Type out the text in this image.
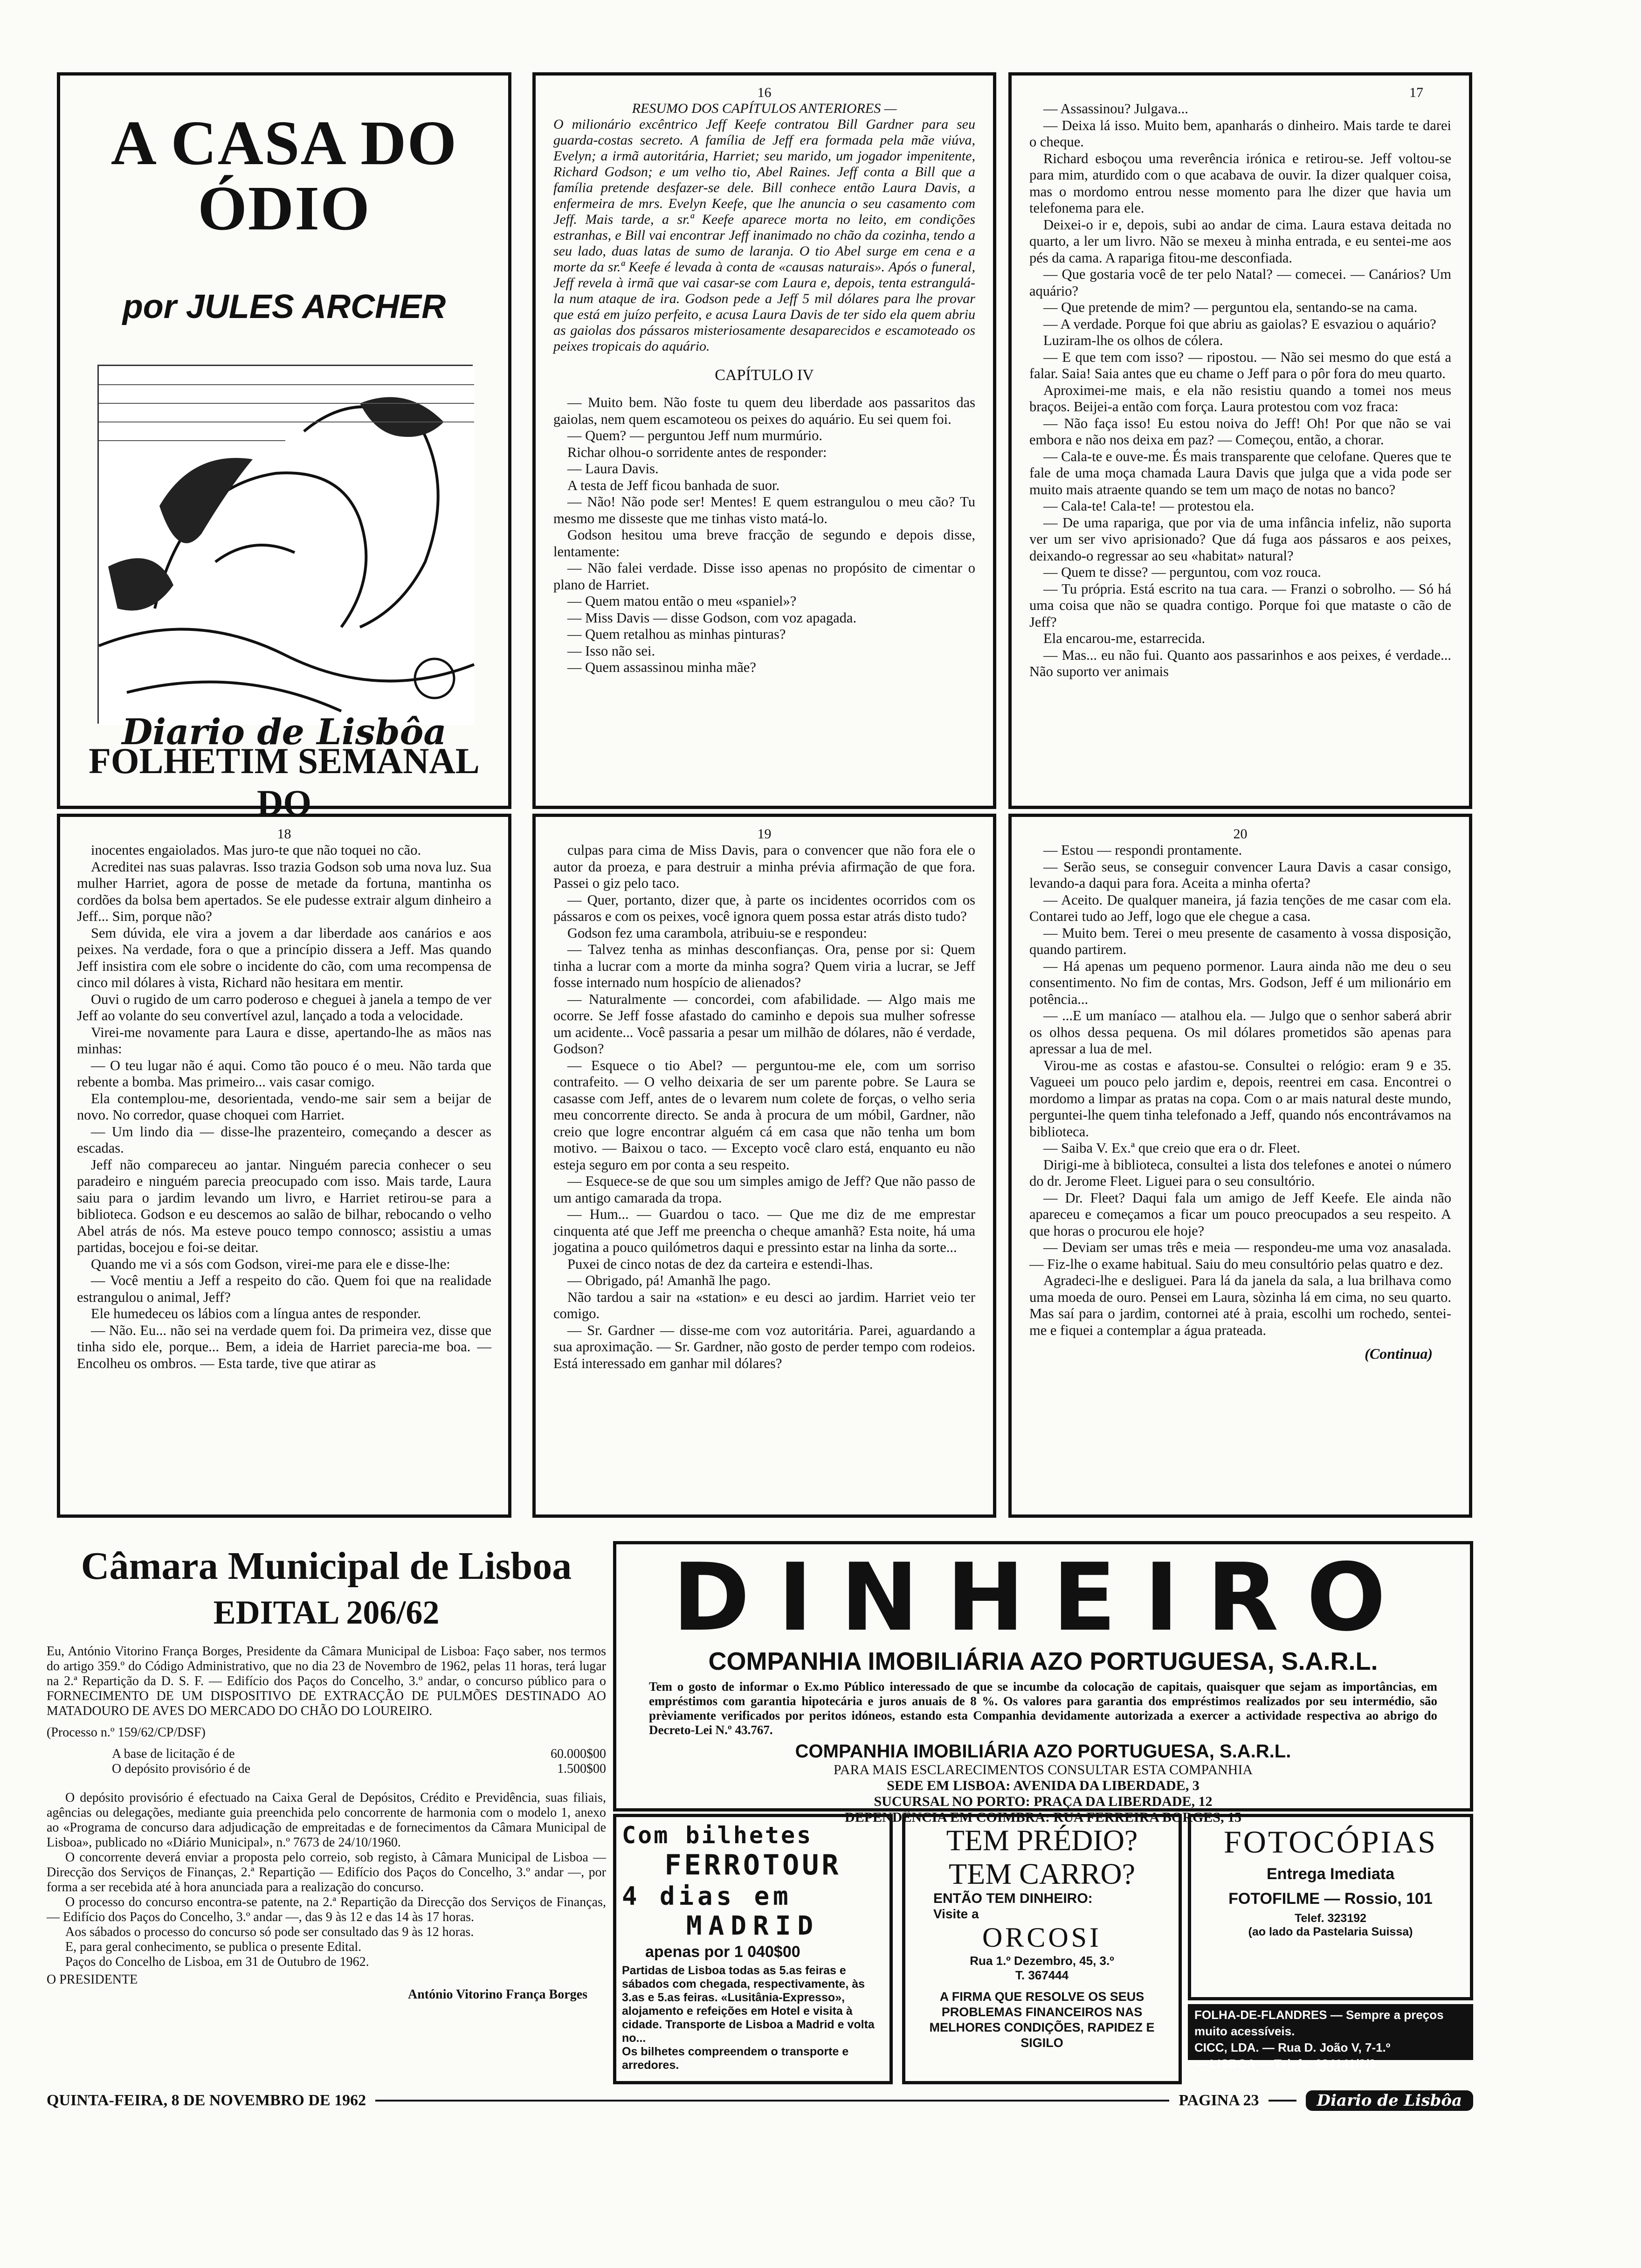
A CASA DO ÓDIO
por JULES ARCHER
FOLHETIM SEMANAL DO
Diario de Lisbôa
16
RESUMO DOS CAPÍTULOS ANTERIORES —
O milionário excêntrico Jeff Keefe contratou Bill Gardner para seu guarda-costas secreto. A família de Jeff era formada pela mãe viúva, Evelyn; a irmã autoritária, Harriet; seu marido, um jogador impenitente, Richard Godson; e um velho tio, Abel Raines. Jeff conta a Bill que a família pretende desfazer-se dele. Bill conhece então Laura Davis, a enfermeira de mrs. Evelyn Keefe, que lhe anuncia o seu casamento com Jeff. Mais tarde, a sr.ª Keefe aparece morta no leito, em condições estranhas, e Bill vai encontrar Jeff inanimado no chão da cozinha, tendo a seu lado, duas latas de sumo de laranja. O tio Abel surge em cena e a morte da sr.ª Keefe é levada à conta de «causas naturais». Após o funeral, Jeff revela à irmã que vai casar-se com Laura e, depois, tenta estrangulá-la num ataque de ira. Godson pede a Jeff 5 mil dólares para lhe provar que está em juízo perfeito, e acusa Laura Davis de ter sido ela quem abriu as gaiolas dos pássaros misteriosamente desaparecidos e escamoteado os peixes tropicais do aquário.
CAPÍTULO IV

— Muito bem. Não foste tu quem deu liberdade aos passaritos das gaiolas, nem quem escamoteou os peixes do aquário. Eu sei quem foi.

— Quem? — perguntou Jeff num murmúrio.

Richar olhou-o sorridente antes de responder:

— Laura Davis.

A testa de Jeff ficou banhada de suor.

— Não! Não pode ser! Mentes! E quem estrangulou o meu cão? Tu mesmo me disseste que me tinhas visto matá-lo.

Godson hesitou uma breve fracção de segundo e depois disse, lentamente:

— Não falei verdade. Disse isso apenas no propósito de cimentar o plano de Harriet.

— Quem matou então o meu «spaniel»?

— Miss Davis — disse Godson, com voz apagada.

— Quem retalhou as minhas pinturas?

— Isso não sei.

— Quem assassinou minha mãe?

17

— Assassinou? Julgava...

— Deixa lá isso. Muito bem, apanharás o dinheiro. Mais tarde te darei o cheque.

Richard esboçou uma reverência irónica e retirou-se. Jeff voltou-se para mim, aturdido com o que acabava de ouvir. Ia dizer qualquer coisa, mas o mordomo entrou nesse momento para lhe dizer que havia um telefonema para ele.

Deixei-o ir e, depois, subi ao andar de cima. Laura estava deitada no quarto, a ler um livro. Não se mexeu à minha entrada, e eu sentei-me aos pés da cama. A rapariga fitou-me desconfiada.

— Que gostaria você de ter pelo Natal? — comecei. — Canários? Um aquário?

— Que pretende de mim? — perguntou ela, sentando-se na cama.

— A verdade. Porque foi que abriu as gaiolas? E esvaziou o aquário?

Luziram-lhe os olhos de cólera.

— E que tem com isso? — ripostou. — Não sei mesmo do que está a falar. Saia! Saia antes que eu chame o Jeff para o pôr fora do meu quarto.

Aproximei-me mais, e ela não resistiu quando a tomei nos meus braços. Beijei-a então com força. Laura protestou com voz fraca:

— Não faça isso! Eu estou noiva do Jeff! Oh! Por que não se vai embora e não nos deixa em paz? — Começou, então, a chorar.

— Cala-te e ouve-me. És mais transparente que celofane. Queres que te fale de uma moça chamada Laura Davis que julga que a vida pode ser muito mais atraente quando se tem um maço de notas no banco?

— Cala-te! Cala-te! — protestou ela.

— De uma rapariga, que por via de uma infância infeliz, não suporta ver um ser vivo aprisionado? Que dá fuga aos pássaros e aos peixes, deixando-o regressar ao seu «habitat» natural?

— Quem te disse? — perguntou, com voz rouca.

— Tu própria. Está escrito na tua cara. — Franzi o sobrolho. — Só há uma coisa que não se quadra contigo. Porque foi que mataste o cão de Jeff?

Ela encarou-me, estarrecida.

— Mas... eu não fui. Quanto aos passarinhos e aos peixes, é verdade... Não suporto ver animais

18

inocentes engaiolados. Mas juro-te que não toquei no cão.

Acreditei nas suas palavras. Isso trazia Godson sob uma nova luz. Sua mulher Harriet, agora de posse de metade da fortuna, mantinha os cordões da bolsa bem apertados. Se ele pudesse extrair algum dinheiro a Jeff... Sim, porque não?

Sem dúvida, ele vira a jovem a dar liberdade aos canários e aos peixes. Na verdade, fora o que a princípio dissera a Jeff. Mas quando Jeff insistira com ele sobre o incidente do cão, com uma recompensa de cinco mil dólares à vista, Richard não hesitara em mentir.

Ouvi o rugido de um carro poderoso e cheguei à janela a tempo de ver Jeff ao volante do seu convertível azul, lançado a toda a velocidade.

Virei-me novamente para Laura e disse, apertando-lhe as mãos nas minhas:

— O teu lugar não é aqui. Como tão pouco é o meu. Não tarda que rebente a bomba. Mas primeiro... vais casar comigo.

Ela contemplou-me, desorientada, vendo-me sair sem a beijar de novo. No corredor, quase choquei com Harriet.

— Um lindo dia — disse-lhe prazenteiro, começando a descer as escadas.

Jeff não compareceu ao jantar. Ninguém parecia conhecer o seu paradeiro e ninguém parecia preocupado com isso. Mais tarde, Laura saiu para o jardim levando um livro, e Harriet retirou-se para a biblioteca. Godson e eu descemos ao salão de bilhar, rebocando o velho Abel atrás de nós. Ma esteve pouco tempo connosco; assistiu a umas partidas, bocejou e foi-se deitar.

Quando me vi a sós com Godson, virei-me para ele e disse-lhe:

— Você mentiu a Jeff a respeito do cão. Quem foi que na realidade estrangulou o animal, Jeff?

Ele humedeceu os lábios com a língua antes de responder.

— Não. Eu... não sei na verdade quem foi. Da primeira vez, disse que tinha sido ele, porque... Bem, a ideia de Harriet parecia-me boa. — Encolheu os ombros. — Esta tarde, tive que atirar as

19

culpas para cima de Miss Davis, para o convencer que não fora ele o autor da proeza, e para destruir a minha prévia afirmação de que fora. Passei o giz pelo taco.

— Quer, portanto, dizer que, à parte os incidentes ocorridos com os pássaros e com os peixes, você ignora quem possa estar atrás disto tudo?

Godson fez uma carambola, atribuiu-se e respondeu:

— Talvez tenha as minhas desconfianças. Ora, pense por si: Quem tinha a lucrar com a morte da minha sogra? Quem viria a lucrar, se Jeff fosse internado num hospício de alienados?

— Naturalmente — concordei, com afabilidade. — Algo mais me ocorre. Se Jeff fosse afastado do caminho e depois sua mulher sofresse um acidente... Você passaria a pesar um milhão de dólares, não é verdade, Godson?

— Esquece o tio Abel? — perguntou-me ele, com um sorriso contrafeito. — O velho deixaria de ser um parente pobre. Se Laura se casasse com Jeff, antes de o levarem num colete de forças, o velho seria meu concorrente directo. Se anda à procura de um móbil, Gardner, não creio que logre encontrar alguém cá em casa que não tenha um bom motivo. — Baixou o taco. — Excepto você claro está, enquanto eu não esteja seguro em por conta a seu respeito.

— Esquece-se de que sou um simples amigo de Jeff? Que não passo de um antigo camarada da tropa.

— Hum... — Guardou o taco. — Que me diz de me emprestar cinquenta até que Jeff me preencha o cheque amanhã? Esta noite, há uma jogatina a pouco quilómetros daqui e pressinto estar na linha da sorte...

Puxei de cinco notas de dez da carteira e estendi-lhas.

— Obrigado, pá! Amanhã lhe pago.

Não tardou a sair na «station» e eu desci ao jardim. Harriet veio ter comigo.

— Sr. Gardner — disse-me com voz autoritária. Parei, aguardando a sua aproximação. — Sr. Gardner, não gosto de perder tempo com rodeios. Está interessado em ganhar mil dólares?

20

— Estou — respondi prontamente.

— Serão seus, se conseguir convencer Laura Davis a casar consigo, levando-a daqui para fora. Aceita a minha oferta?

— Aceito. De qualquer maneira, já fazia tenções de me casar com ela. Contarei tudo ao Jeff, logo que ele chegue a casa.

— Muito bem. Terei o meu presente de casamento à vossa disposição, quando partirem.

— Há apenas um pequeno pormenor. Laura ainda não me deu o seu consentimento. No fim de contas, Mrs. Godson, Jeff é um milionário em potência...

— ...E um maníaco — atalhou ela. — Julgo que o senhor saberá abrir os olhos dessa pequena. Os mil dólares prometidos são apenas para apressar a lua de mel.

Virou-me as costas e afastou-se. Consultei o relógio: eram 9 e 35. Vagueei um pouco pelo jardim e, depois, reentrei em casa. Encontrei o mordomo a limpar as pratas na copa. Com o ar mais natural deste mundo, perguntei-lhe quem tinha telefonado a Jeff, quando nós encontrávamos na biblioteca.

— Saiba V. Ex.ª que creio que era o dr. Fleet.

Dirigi-me à biblioteca, consultei a lista dos telefones e anotei o número do dr. Jerome Fleet. Liguei para o seu consultório.

— Dr. Fleet? Daqui fala um amigo de Jeff Keefe. Ele ainda não apareceu e começamos a ficar um pouco preocupados a seu respeito. A que horas o procurou ele hoje?

— Deviam ser umas três e meia — respondeu-me uma voz anasalada. — Fiz-lhe o exame habitual. Saiu do meu consultório pelas quatro e dez.

Agradeci-lhe e desliguei. Para lá da janela da sala, a lua brilhava como uma moeda de ouro. Pensei em Laura, sòzinha lá em cima, no seu quarto. Mas saí para o jardim, contornei até à praia, escolhi um rochedo, sentei-me e fiquei a contemplar a água prateada.

(Continua)
Câmara Municipal de Lisboa
EDITAL 206/62
Eu, António Vitorino França Borges, Presidente da Câmara Municipal de Lisboa: Faço saber, nos termos do artigo 359.º do Código Administrativo, que no dia 23 de Novembro de 1962, pelas 11 horas, terá lugar na 2.ª Repartição da D. S. F. — Edifício dos Paços do Concelho, 3.º andar, o concurso público para o FORNECIMENTO DE UM DISPOSITIVO DE EXTRACÇÃO DE PULMÕES DESTINADO AO MATADOURO DE AVES DO MERCADO DO CHÃO DO LOUREIRO.
(Processo n.º 159/62/CP/DSF)
A base de licitação é de	60.000$00
O depósito provisório é de	1.500$00
O depósito provisório é efectuado na Caixa Geral de Depósitos, Crédito e Previdência, suas filiais, agências ou delegações, mediante guia preenchida pelo concorrente de harmonia com o modelo 1, anexo ao «Programa de concurso dara adjudicação de empreitadas e de fornecimentos da Câmara Municipal de Lisboa», publicado no «Diário Municipal», n.º 7673 de 24/10/1960.
O concorrente deverá enviar a proposta pelo correio, sob registo, à Câmara Municipal de Lisboa — Direcção dos Serviços de Finanças, 2.ª Repartição — Edifício dos Paços do Concelho, 3.º andar —, por forma a ser recebida até à hora anunciada para a realização do concurso.
O processo do concurso encontra-se patente, na 2.ª Repartição da Direcção dos Serviços de Finanças, — Edifício dos Paços do Concelho, 3.º andar —, das 9 às 12 e das 14 às 17 horas.
Aos sábados o processo do concurso só pode ser consultado das 9 às 12 horas.
E, para geral conhecimento, se publica o presente Edital.
Paços do Concelho de Lisboa, em 31 de Outubro de 1962.
O PRESIDENTE
António Vitorino França Borges
DINHEIRO
COMPANHIA IMOBILIÁRIA AZO PORTUGUESA, S.A.R.L.
Tem o gosto de informar o Ex.mo Público interessado de que se incumbe da colocação de capitais, quaisquer que sejam as importâncias, em empréstimos com garantia hipotecária e juros anuais de 8 %. Os valores para garantia dos empréstimos realizados por seu intermédio, são prèviamente verificados por peritos idóneos, estando esta Companhia devidamente autorizada a exercer a actividade respectiva ao abrigo do Decreto-Lei N.º 43.767.
COMPANHIA IMOBILIÁRIA AZO PORTUGUESA, S.A.R.L.
PARA MAIS ESCLARECIMENTOS CONSULTAR ESTA COMPANHIA
SEDE EM LISBOA: AVENIDA DA LIBERDADE, 3
SUCURSAL NO PORTO: PRAÇA DA LIBERDADE, 12
DEPENDÊNCIA EM COIMBRA: RUA FERREIRA BORGES, 15
Com bilhetes
FERROTOUR
4 dias em
MADRID
apenas por 1 040$00
Partidas de Lisboa todas as 5.as feiras e sábados com chegada, respectivamente, às 3.as e 5.as feiras. «Lusitânia-Expresso», alojamento e refeições em Hotel e visita à cidade. Transporte de Lisboa a Madrid e volta no...
Os bilhetes compreendem o transporte e arredores.
TEM PRÉDIO?
TEM CARRO?
ENTÃO TEM DINHEIRO:
Visite a
ORCOSI
Rua 1.º Dezembro, 45, 3.º
T. 367444
A FIRMA QUE RESOLVE OS SEUS PROBLEMAS FINANCEIROS NAS MELHORES CONDIÇÕES, RAPIDEZ E SIGILO
FOTOCÓPIAS
Entrega Imediata
FOTOFILME — Rossio, 101
Telef. 323192
(ao lado da Pastelaria Suissa)
FOLHA-DE-FLANDRES — Sempre a preços muito acessíveis.
CICC, LDA. — Rua D. João V, 7-1.º
— LISBOA — Telefs. 684141/2/3
QUINTA-FEIRA, 8 DE NOVEMBRO DE 1962	PAGINA 23	Diario de Lisbôa
